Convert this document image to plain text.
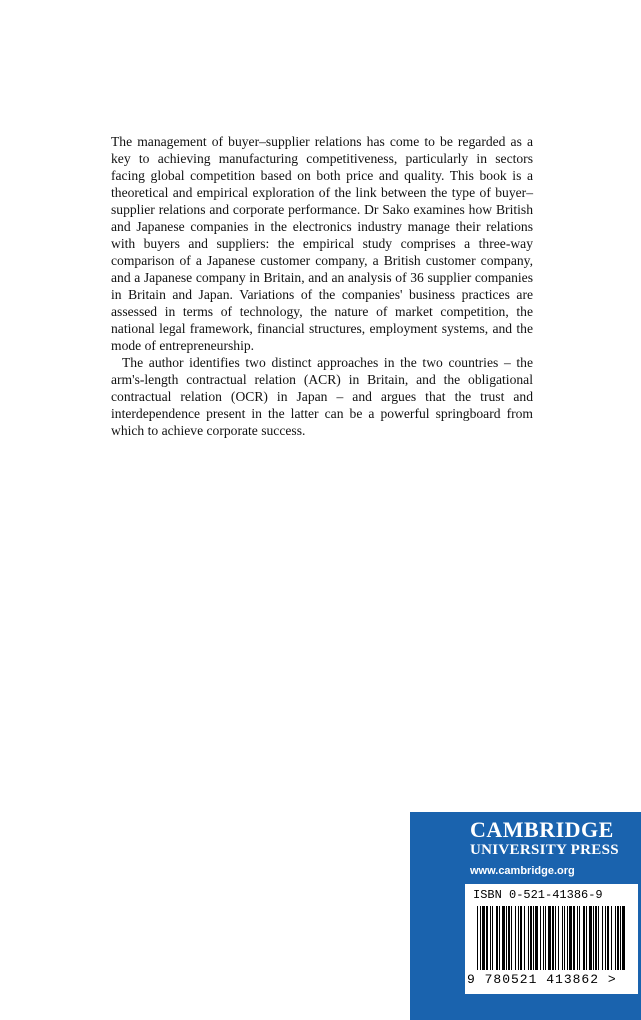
The management of buyer–supplier relations has come to be regarded as a key to achieving manufacturing competitiveness, particularly in sectors facing global competition based on both price and quality. This book is a theoretical and empirical exploration of the link between the type of buyer–supplier relations and corporate performance. Dr Sako examines how British and Japanese companies in the electronics industry manage their relations with buyers and suppliers: the empirical study comprises a three-way comparison of a Japanese customer company, a British customer company, and a Japanese company in Britain, and an analysis of 36 supplier companies in Britain and Japan. Variations of the companies' business practices are assessed in terms of technology, the nature of market competition, the national legal framework, financial structures, employment systems, and the mode of entrepreneurship.

The author identifies two distinct approaches in the two countries – the arm's-length contractual relation (ACR) in Britain, and the obligational contractual relation (OCR) in Japan – and argues that the trust and interdependence present in the latter can be a powerful springboard from which to achieve corporate success.

CAMBRIDGE
UNIVERSITY PRESS
www.cambridge.org
ISBN 0-521-41386-9
9 780521 413862 >
